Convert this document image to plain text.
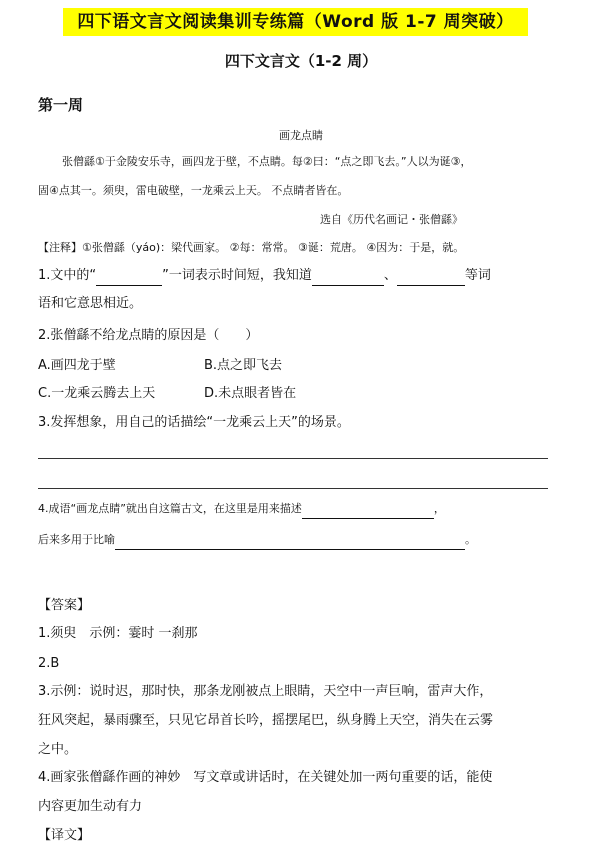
四下语文言文阅读集训专练篇（Word 版 1-7 周突破）
四下文言文（1-2 周）
第一周
画龙点睛
张僧繇①于金陵安乐寺，画四龙于壁，不点睛。每②曰：“点之即飞去。”人以为诞③，
固④点其一。须臾，雷电破壁，一龙乘云上天。 不点睛者皆在。
选自《历代名画记・张僧繇》
【注释】①张僧繇（yáo)：梁代画家。 ②每：常常。 ③诞：荒唐。 ④因为：于是，就。
1.文中的“	”一词表示时间短，我知道	、	等词
语和它意思相近。
2.张僧繇不给龙点睛的原因是（　　）
A.画四龙于壁	B.点之即飞去
C.一龙乘云腾去上天	D.未点眼者皆在
3.发挥想象，用自己的话描绘“一龙乘云上天”的场景。
4.成语“画龙点睛”就出自这篇古文，在这里是用来描述	，
后来多用于比喻	。
【答案】
1.须臾　示例：霎时 一刹那
2.B
3.示例：说时迟，那时快，那条龙刚被点上眼睛，天空中一声巨响，雷声大作，
狂风突起，暴雨骤至，只见它昂首长吟，摇摆尾巴，纵身腾上天空，消失在云雾
之中。
4.画家张僧繇作画的神妙　写文章或讲话时，在关键处加一两句重要的话，能使
内容更加生动有力
【译文】
